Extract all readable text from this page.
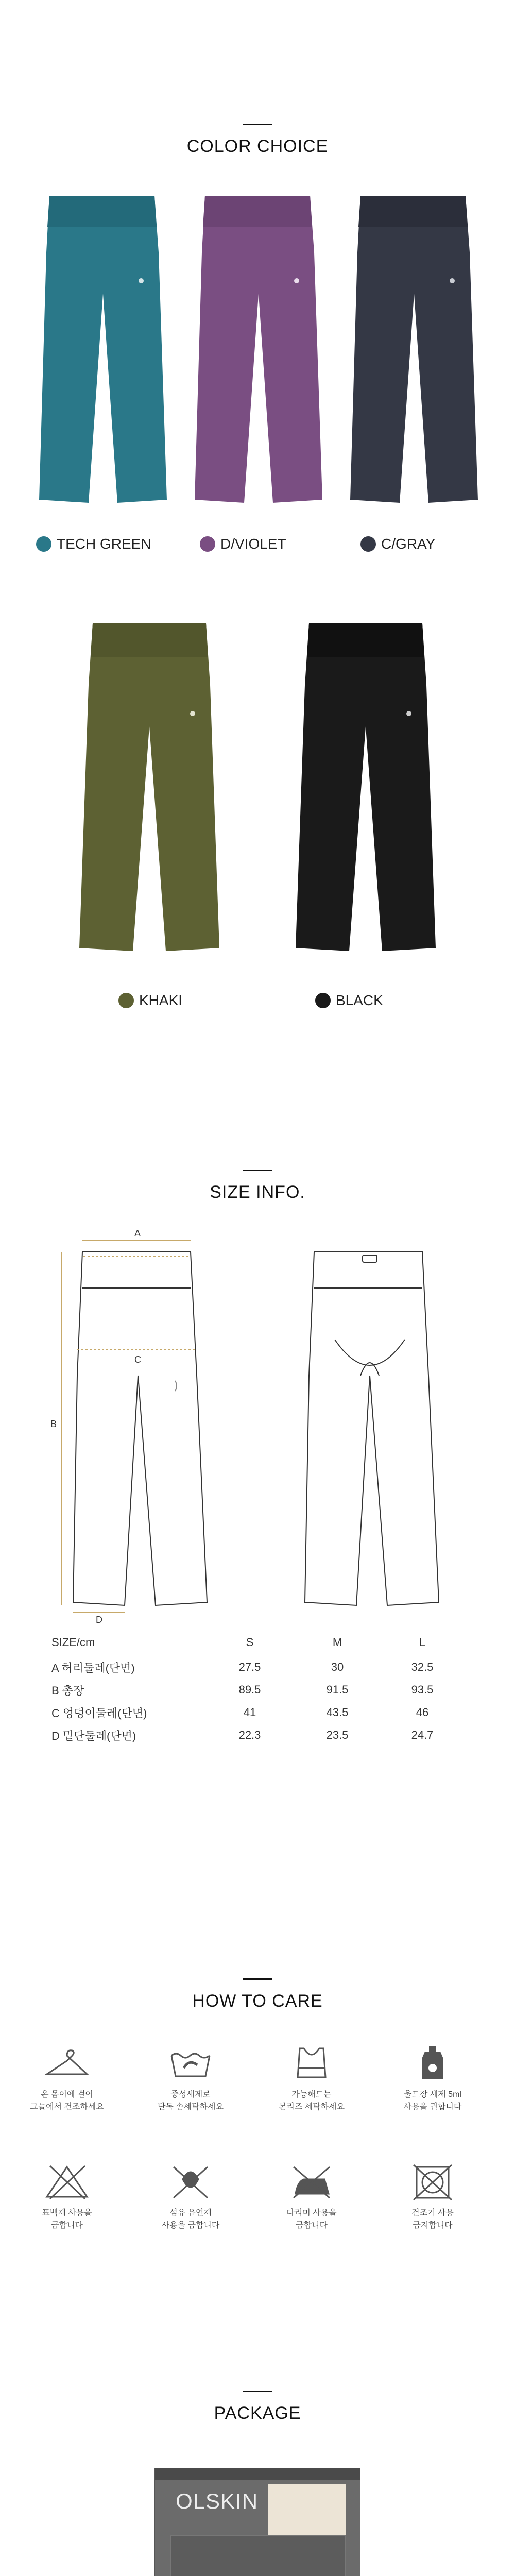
COLOR CHOICE
TECH GREEN	D/VIOLET	C/GRAY
KHAKI	BLACK
SIZE INFO.
A
B
C
D
SIZE/cm	S	M	L
A 허리둘레(단면)	27.5	30	32.5
B 총장	89.5	91.5	93.5
C 엉덩이둘레(단면)	41	43.5	46
D 밑단둘레(단면)	22.3	23.5	24.7
HOW TO CARE
온 몸이에 걸어
그늘에서 건조하세요
중성세제로
단독 손세탁하세요
가능해드는
본리즈 세탁하세요
울드장 세제 5ml
사용을 권합니다
표백제 사용을
금합니다
섬유 유연제
사용을 금합니다
다리미 사용을
금합니다
건조기 사용
금지합니다
PACKAGE
OLSKIN
